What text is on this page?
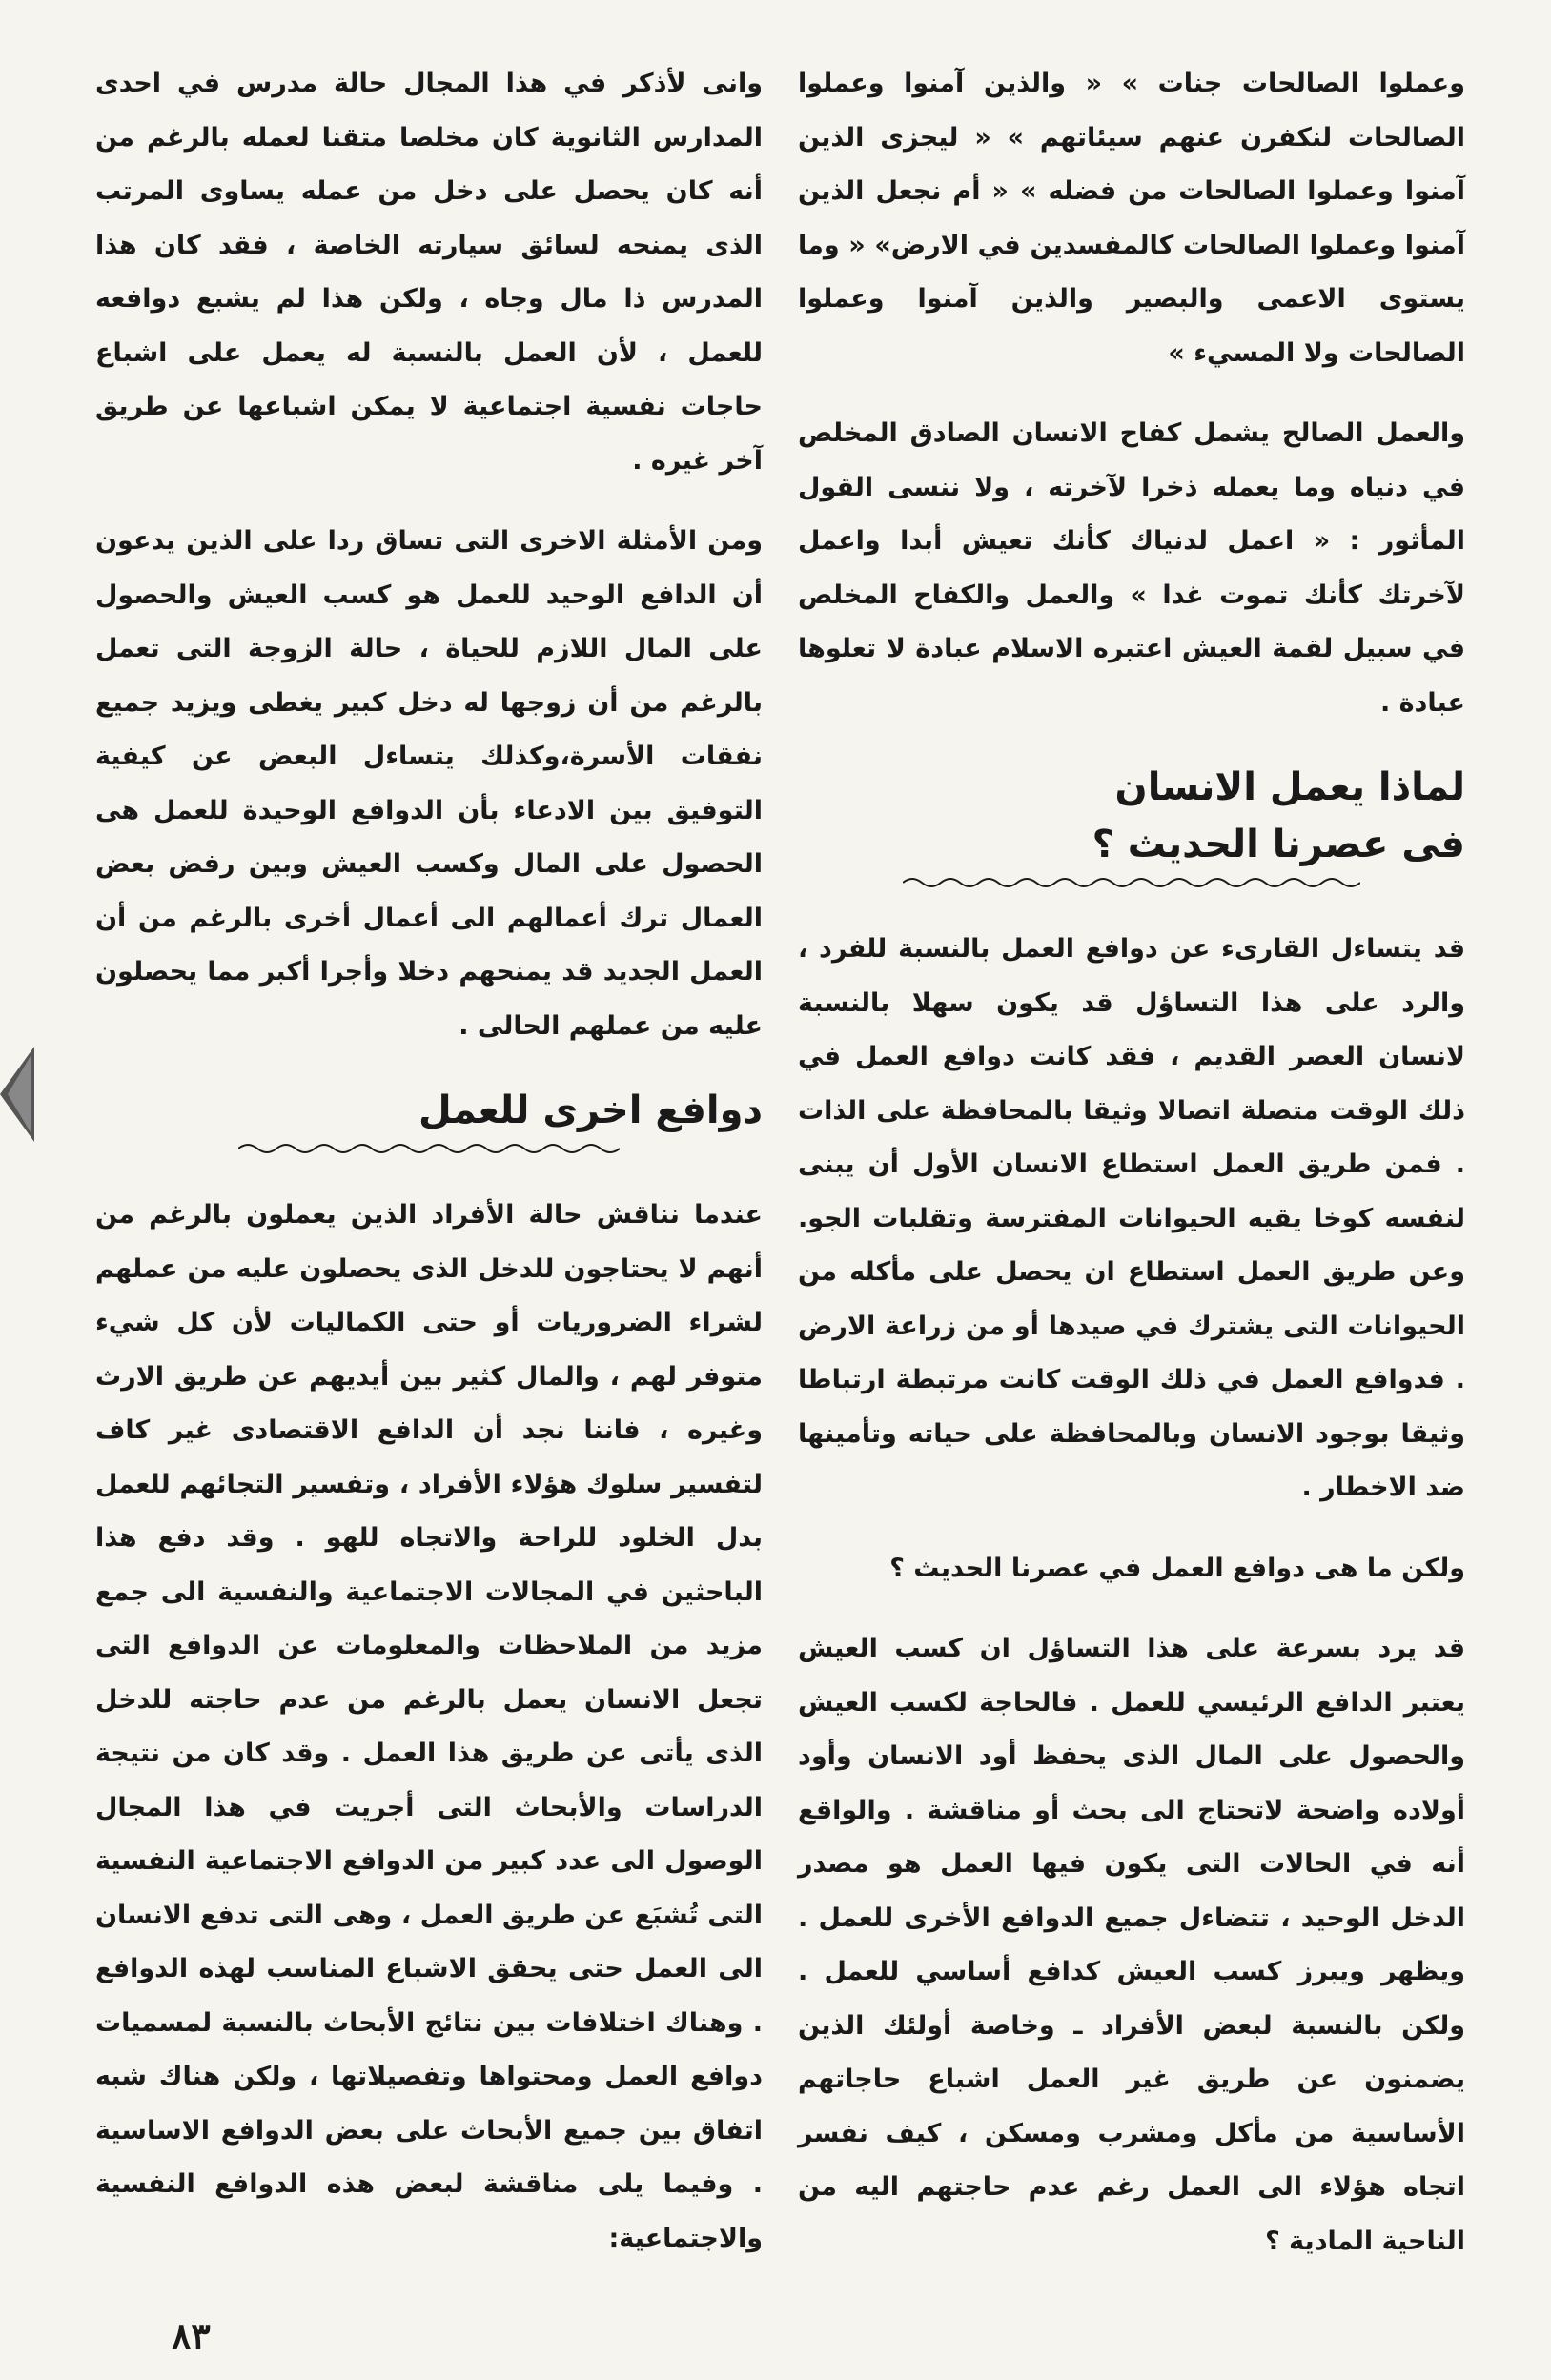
وعملوا الصالحات جنات » « والذين آمنوا وعملوا الصالحات لنكفرن عنهم سيئاتهم » « ليجزى الذين آمنوا وعملوا الصالحات من فضله » « أم نجعل الذين آمنوا وعملوا الصالحات كالمفسدين في الارض» « وما يستوى الاعمى والبصير والذين آمنوا وعملوا الصالحات ولا المسيء »

والعمل الصالح يشمل كفاح الانسان الصادق المخلص في دنياه وما يعمله ذخرا لآخرته ، ولا ننسى القول المأثور : « اعمل لدنياك كأنك تعيش أبدا واعمل لآخرتك كأنك تموت غدا » والعمل والكفاح المخلص في سبيل لقمة العيش اعتبره الاسلام عبادة لا تعلوها عبادة .

لماذا يعمل الانسان
فى عصرنا الحديث ؟

قد يتساءل القارىء عن دوافع العمل بالنسبة للفرد ، والرد على هذا التساؤل قد يكون سهلا بالنسبة لانسان العصر القديم ، فقد كانت دوافع العمل في ذلك الوقت متصلة اتصالا وثيقا بالمحافظة على الذات . فمن طريق العمل استطاع الانسان الأول أن يبنى لنفسه كوخا يقيه الحيوانات المفترسة وتقلبات الجو. وعن طريق العمل استطاع ان يحصل على مأكله من الحيوانات التى يشترك في صيدها أو من زراعة الارض . فدوافع العمل في ذلك الوقت كانت مرتبطة ارتباطا وثيقا بوجود الانسان وبالمحافظة على حياته وتأمينها ضد الاخطار .

ولكن ما هى دوافع العمل في عصرنا الحديث ؟

قد يرد بسرعة على هذا التساؤل ان كسب العيش يعتبر الدافع الرئيسي للعمل . فالحاجة لكسب العيش والحصول على المال الذى يحفظ أود الانسان وأود أولاده واضحة لاتحتاج الى بحث أو مناقشة . والواقع أنه في الحالات التى يكون فيها العمل هو مصدر الدخل الوحيد ، تتضاءل جميع الدوافع الأخرى للعمل . ويظهر ويبرز كسب العيش كدافع أساسي للعمل . ولكن بالنسبة لبعض الأفراد ـ وخاصة أولئك الذين يضمنون عن طريق غير العمل اشباع حاجاتهم الأساسية من مأكل ومشرب ومسكن ، كيف نفسر اتجاه هؤلاء الى العمل رغم عدم حاجتهم اليه من الناحية المادية ؟

وانى لأذكر في هذا المجال حالة مدرس في احدى المدارس الثانوية كان مخلصا متقنا لعمله بالرغم من أنه كان يحصل على دخل من عمله يساوى المرتب الذى يمنحه لسائق سيارته الخاصة ، فقد كان هذا المدرس ذا مال وجاه ، ولكن هذا لم يشبع دوافعه للعمل ، لأن العمل بالنسبة له يعمل على اشباع حاجات نفسية اجتماعية لا يمكن اشباعها عن طريق آخر غيره .

ومن الأمثلة الاخرى التى تساق ردا على الذين يدعون أن الدافع الوحيد للعمل هو كسب العيش والحصول على المال اللازم للحياة ، حالة الزوجة التى تعمل بالرغم من أن زوجها له دخل كبير يغطى ويزيد جميع نفقات الأسرة،وكذلك يتساءل البعض عن كيفية التوفيق بين الادعاء بأن الدوافع الوحيدة للعمل هى الحصول على المال وكسب العيش وبين رفض بعض العمال ترك أعمالهم الى أعمال أخرى بالرغم من أن العمل الجديد قد يمنحهم دخلا وأجرا أكبر مما يحصلون عليه من عملهم الحالى .

دوافع اخرى للعمل

عندما نناقش حالة الأفراد الذين يعملون بالرغم من أنهم لا يحتاجون للدخل الذى يحصلون عليه من عملهم لشراء الضروريات أو حتى الكماليات لأن كل شيء متوفر لهم ، والمال كثير بين أيديهم عن طريق الارث وغيره ، فاننا نجد أن الدافع الاقتصادى غير كاف لتفسير سلوك هؤلاء الأفراد ، وتفسير التجائهم للعمل بدل الخلود للراحة والاتجاه للهو . وقد دفع هذا الباحثين في المجالات الاجتماعية والنفسية الى جمع مزيد من الملاحظات والمعلومات عن الدوافع التى تجعل الانسان يعمل بالرغم من عدم حاجته للدخل الذى يأتى عن طريق هذا العمل . وقد كان من نتيجة الدراسات والأبحاث التى أجريت في هذا المجال الوصول الى عدد كبير من الدوافع الاجتماعية النفسية التى تُشبَع عن طريق العمل ، وهى التى تدفع الانسان الى العمل حتى يحقق الاشباع المناسب لهذه الدوافع . وهناك اختلافات بين نتائج الأبحاث بالنسبة لمسميات دوافع العمل ومحتواها وتفصيلاتها ، ولكن هناك شبه اتفاق بين جميع الأبحاث على بعض الدوافع الاساسية . وفيما يلى مناقشة لبعض هذه الدوافع النفسية والاجتماعية:

٨٣
